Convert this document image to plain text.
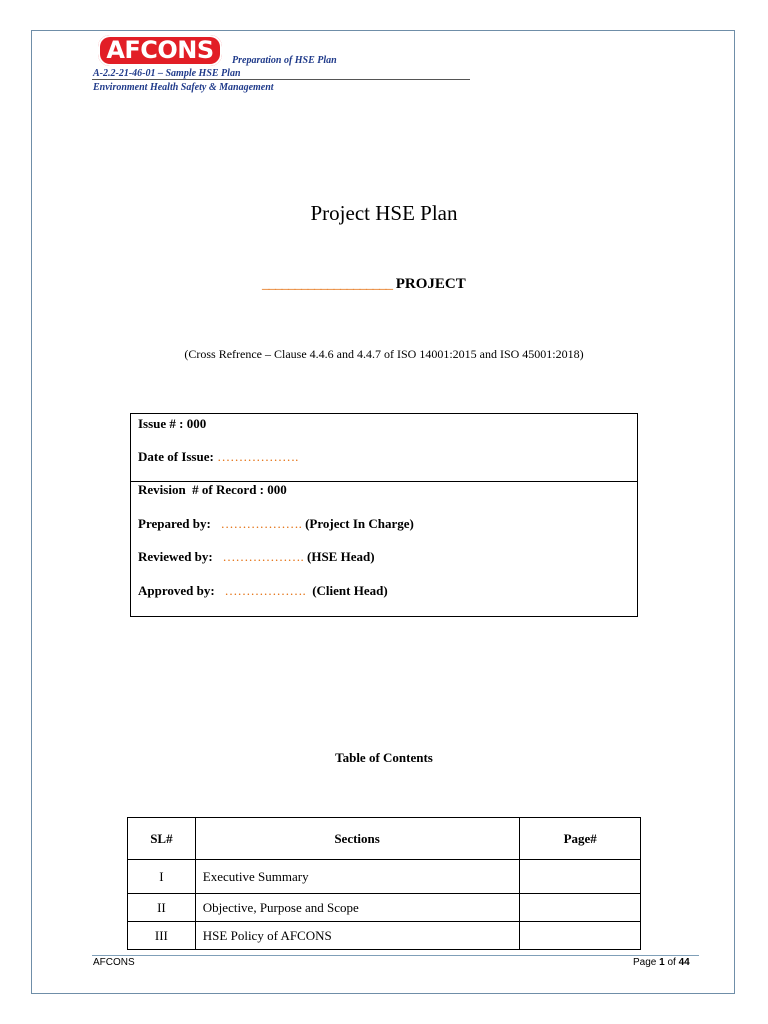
AFCONS	Preparation of HSE Plan
A-2.2-21-46-01 – Sample HSE Plan
Environment Health Safety & Management
Project HSE Plan
____________________ PROJECT
(Cross Refrence – Clause 4.4.6 and 4.4.7 of ISO 14001:2015 and ISO 45001:2018)
Issue # : 000
Date of Issue: ……………….
Revision  # of Record : 000
Prepared by: ………………. (Project In Charge)
Reviewed by: ………………. (HSE Head)
Approved by: ………………. (Client Head)
Table of Contents
SL#	Sections	Page#
I	Executive Summary	
II	Objective, Purpose and Scope	
III	HSE Policy of AFCONS	
AFCONS	Page 1 of 44
